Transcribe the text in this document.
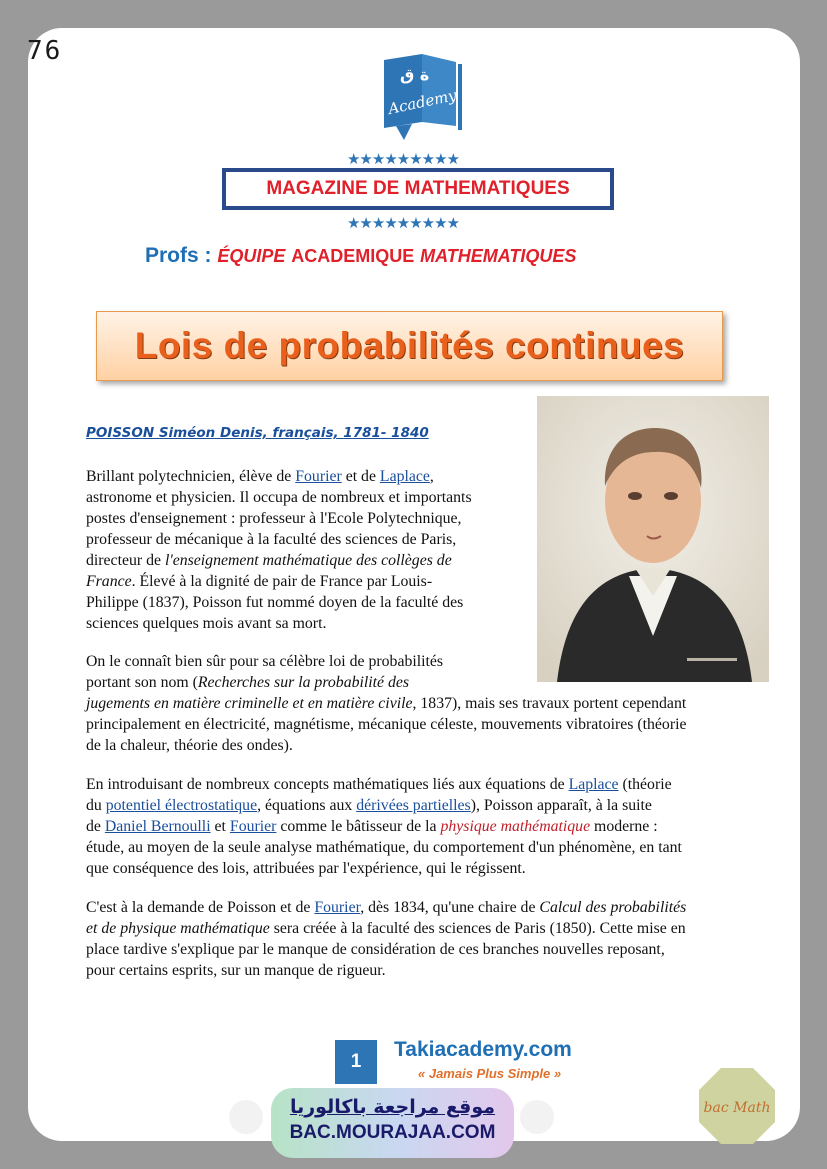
76
ة ق
Academy
★★★★★★★★★
MAGAZINE DE MATHEMATIQUES
★★★★★★★★★
Profs : ÉQUIPE ACADEMIQUE MATHEMATIQUES
Lois de probabilités continues
POISSON Siméon Denis, français, 1781- 1840

Brillant polytechnicien, élève de Fourier et de Laplace,
astronome et physicien. Il occupa de nombreux et importants
postes d'enseignement : professeur à l'Ecole Polytechnique,
professeur de mécanique à la faculté des sciences de Paris,
directeur de l'enseignement mathématique des collèges de
France. Élevé à la dignité de pair de France par Louis-
Philippe (1837), Poisson fut nommé doyen de la faculté des
sciences quelques mois avant sa mort.

On le connaît bien sûr pour sa célèbre loi de probabilités
portant son nom (Recherches sur la probabilité des
jugements en matière criminelle et en matière civile, 1837), mais ses travaux portent cependant
principalement en électricité, magnétisme, mécanique céleste, mouvements vibratoires (théorie
de la chaleur, théorie des ondes).

En introduisant de nombreux concepts mathématiques liés aux équations de Laplace (théorie
du potentiel électrostatique, équations aux dérivées partielles), Poisson apparaît, à la suite
de Daniel Bernoulli et Fourier comme le bâtisseur de la physique mathématique moderne :
étude, au moyen de la seule analyse mathématique, du comportement d'un phénomène, en tant
que conséquence des lois, attribuées par l'expérience, qui le régissent.

C'est à la demande de Poisson et de Fourier, dès 1834, qu'une chaire de Calcul des probabilités
et de physique mathématique sera créée à la faculté des sciences de Paris (1850). Cette mise en
place tardive s'explique par le manque de considération de ces branches nouvelles reposant,
pour certains esprits, sur un manque de rigueur.

1
Takiacademy.com
« Jamais Plus Simple »
موقع مراجعة باكالوريا
BAC.MOURAJAA.COM
bac Math
